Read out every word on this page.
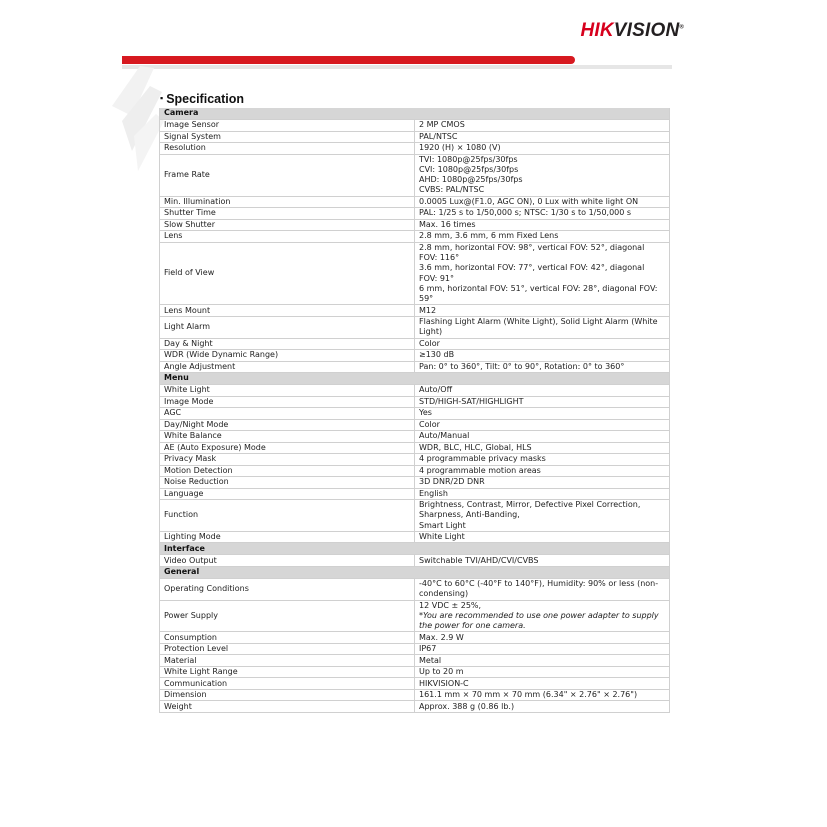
HIKVISION®
▪ Specification
Camera	
Image Sensor	2 MP CMOS

Signal System	PAL/NTSC

Resolution	1920 (H) × 1080 (V)

Frame Rate	TVI: 1080p@25fps/30fps
CVI: 1080p@25fps/30fps
AHD: 1080p@25fps/30fps
CVBS: PAL/NTSC

Min. Illumination	0.0005 Lux@(F1.0, AGC ON), 0 Lux with white light ON

Shutter Time	PAL: 1/25 s to 1/50,000 s; NTSC: 1/30 s to 1/50,000 s

Slow Shutter	Max. 16 times

Lens	2.8 mm, 3.6 mm, 6 mm Fixed Lens

Field of View	2.8 mm, horizontal FOV: 98°, vertical FOV: 52°, diagonal FOV: 116°
3.6 mm, horizontal FOV: 77°, vertical FOV: 42°, diagonal FOV: 91°
6 mm, horizontal FOV: 51°, vertical FOV: 28°, diagonal FOV: 59°

Lens Mount	M12

Light Alarm	Flashing Light Alarm (White Light), Solid Light Alarm (White Light)

Day & Night	Color

WDR (Wide Dynamic Range)	≥130 dB

Angle Adjustment	Pan: 0° to 360°, Tilt: 0° to 90°, Rotation: 0° to 360°

Menu	
White Light	Auto/Off

Image Mode	STD/HIGH-SAT/HIGHLIGHT

AGC	Yes

Day/Night Mode	Color

White Balance	Auto/Manual

AE (Auto Exposure) Mode	WDR, BLC, HLC, Global, HLS

Privacy Mask	4 programmable privacy masks

Motion Detection	4 programmable motion areas

Noise Reduction	3D DNR/2D DNR

Language	English

Function	Brightness, Contrast, Mirror, Defective Pixel Correction, Sharpness, Anti-Banding,
Smart Light

Lighting Mode	White Light

Interface	
Video Output	Switchable TVI/AHD/CVI/CVBS

General	
Operating Conditions	-40°C to 60°C (-40°F to 140°F), Humidity: 90% or less (non-condensing)

Power Supply	12 VDC ± 25%,
*You are recommended to use one power adapter to supply the power for one camera.

Consumption	Max. 2.9 W

Protection Level	IP67

Material	Metal

White Light Range	Up to 20 m

Communication	HIKVISION-C

Dimension	161.1 mm × 70 mm × 70 mm (6.34" × 2.76" × 2.76")

Weight	Approx. 388 g (0.86 lb.)
